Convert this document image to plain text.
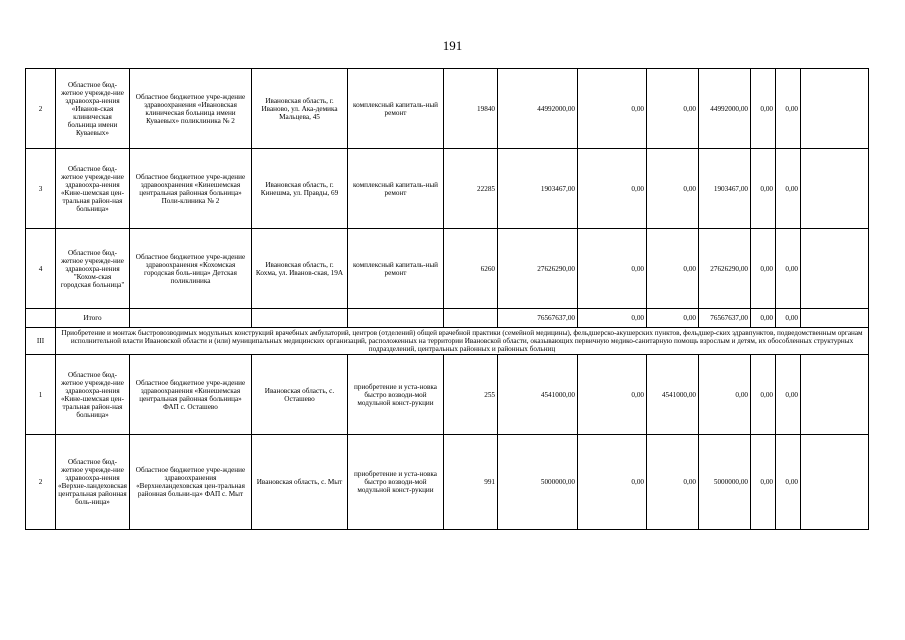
191
2	Областное бюд-жетное учрежде-ние здравоохра-нения «Иванов-ская клиническая больница имени Куваевых»	Областное бюджетное учре-ждение здравоохранения «Ивановская клиническая больница имени Куваевых» поликлиника № 2	Ивановская область, г. Иваново, ул. Ака-демика Мальцева, 45	комплексный капиталь-ный ремонт	19840	44992000,00	0,00	0,00	44992000,00	0,00	0,00	
3	Областное бюд-жетное учрежде-ние здравоохра-нения «Кине-шемская цен-тральная район-ная больница»	Областное бюджетное учре-ждение здравоохранения «Кинешемская центральная районная больница» Поли-клиника № 2	Ивановская область, г. Кинешма, ул. Правды, 69	комплексный капиталь-ный ремонт	22285	1903467,00	0,00	0,00	1903467,00	0,00	0,00	
4	Областное бюд-жетное учрежде-ние здравоохра-нения "Кохом-ская городская больница"	Областное бюджетное учре-ждение здравоохранения «Кохомская городская боль-ница» Детская поликлиника	Ивановская область, г. Кохма, ул. Иванов-ская, 19А	комплексный капиталь-ный ремонт	6260	27626290,00	0,00	0,00	27626290,00	0,00	0,00	
	Итого					76567637,00	0,00	0,00	76567637,00	0,00	0,00	
III	Приобретение и монтаж быстровозводимых модульных конструкций врачебных амбулаторий, центров (отделений) общей врачебной практики (семейной медицины), фельдшерско-акушерских пунктов, фельдшер-ских здравпунктов, подведомственным органам исполнительной власти Ивановской области и (или) муниципальных медицинских организаций, расположенных на территории Ивановской области, оказывающих первичную медико-санитарную помощь взрослым и детям, их обособленных структурных подразделений, центральных районных и районных больниц											
1	Областное бюд-жетное учрежде-ние здравоохра-нения «Кине-шемская цен-тральная район-ная больница»	Областное бюджетное учре-ждение здравоохранения «Кинешемская центральная районная больница» ФАП с. Осташево	Ивановская область, с. Осташево	приобретение и уста-новка быстро возводи-мой модульной конст-рукции	255	4541000,00	0,00	4541000,00	0,00	0,00	0,00	
2	Областное бюд-жетное учрежде-ние здравоохра-нения «Верхне-ландеховская центральная районная боль-ница»	Областное бюджетное учре-ждение здравоохранения «Верхнеландеховская цен-тральная районная больни-ца» ФАП с. Мыт	Ивановская область, с. Мыт	приобретение и уста-новка быстро возводи-мой модульной конст-рукции	991	5000000,00	0,00	0,00	5000000,00	0,00	0,00	
